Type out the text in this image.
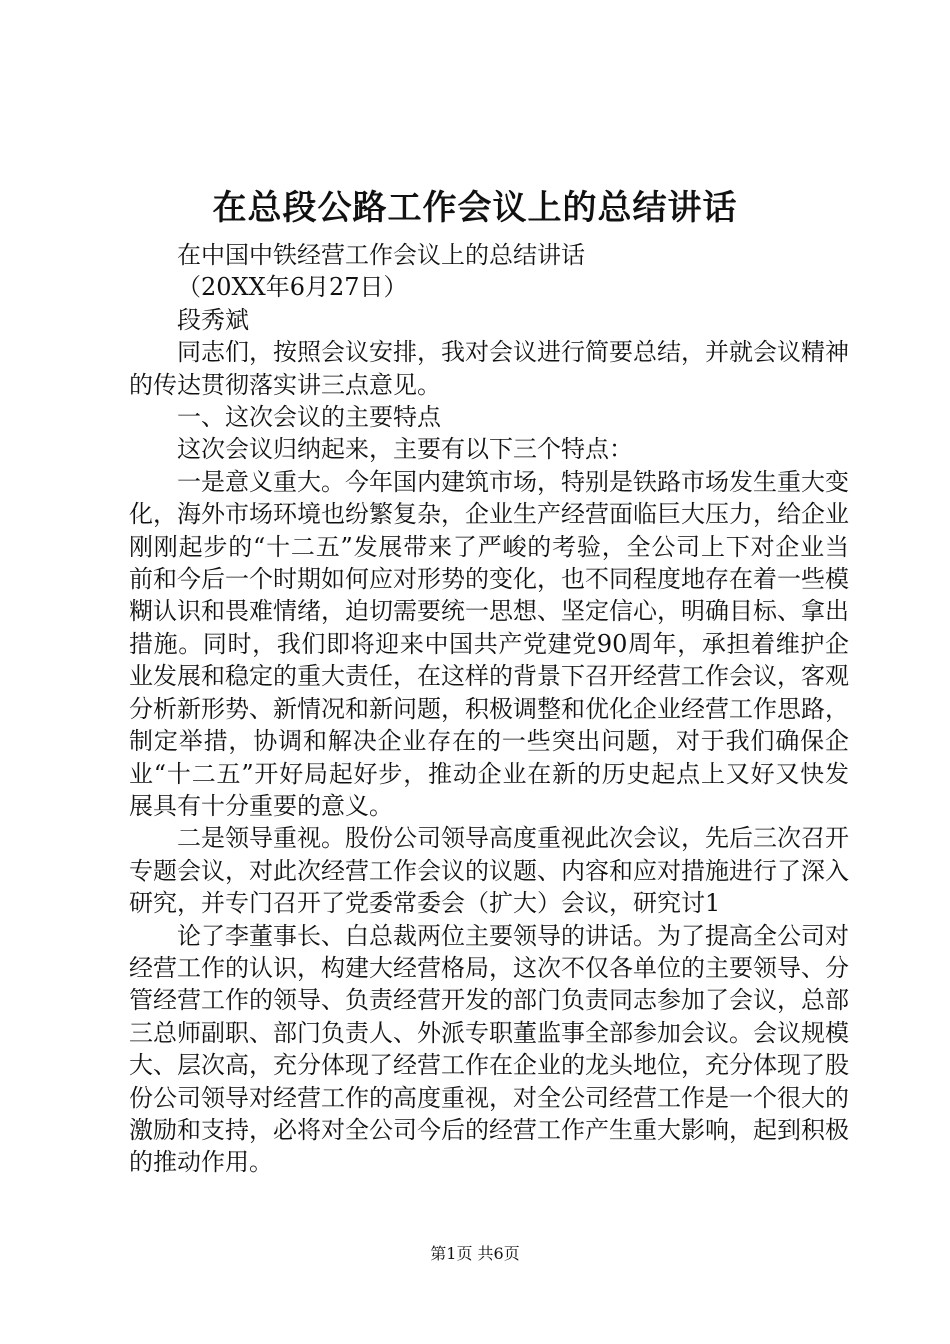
在总段公路工作会议上的总结讲话

在中国中铁经营工作会议上的总结讲话

（20XX年6月27日）

段秀斌

同志们，按照会议安排，我对会议进行简要总结，并就会议精神的传达贯彻落实讲三点意见。

一、这次会议的主要特点

这次会议归纳起来，主要有以下三个特点：

一是意义重大。今年国内建筑市场，特别是铁路市场发生重大变化，海外市场环境也纷繁复杂，企业生产经营面临巨大压力，给企业刚刚起步的“十二五”发展带来了严峻的考验，全公司上下对企业当前和今后一个时期如何应对形势的变化，也不同程度地存在着一些模糊认识和畏难情绪，迫切需要统一思想、坚定信心，明确目标、拿出措施。同时，我们即将迎来中国共产党建党90周年，承担着维护企业发展和稳定的重大责任，在这样的背景下召开经营工作会议，客观分析新形势、新情况和新问题，积极调整和优化企业经营工作思路，制定举措，协调和解决企业存在的一些突出问题，对于我们确保企业“十二五”开好局起好步，推动企业在新的历史起点上又好又快发展具有十分重要的意义。

二是领导重视。股份公司领导高度重视此次会议，先后三次召开专题会议，对此次经营工作会议的议题、内容和应对措施进行了深入研究，并专门召开了党委常委会（扩大）会议，研究讨1

论了李董事长、白总裁两位主要领导的讲话。为了提高全公司对经营工作的认识，构建大经营格局，这次不仅各单位的主要领导、分管经营工作的领导、负责经营开发的部门负责同志参加了会议，总部三总师副职、部门负责人、外派专职董监事全部参加会议。会议规模大、层次高，充分体现了经营工作在企业的龙头地位，充分体现了股份公司领导对经营工作的高度重视，对全公司经营工作是一个很大的激励和支持，必将对全公司今后的经营工作产生重大影响，起到积极的推动作用。

第1页 共6页
